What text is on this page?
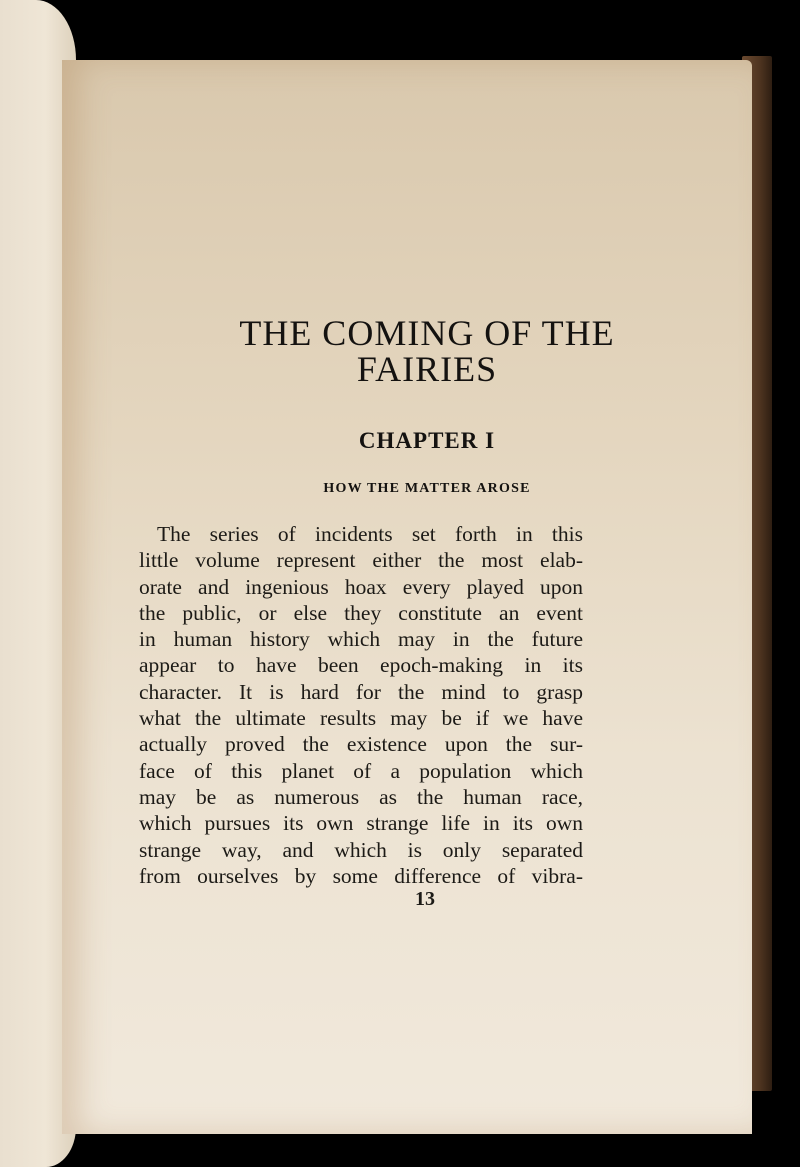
THE COMING OF THE
FAIRIES
CHAPTER I
HOW THE MATTER AROSE
The series of incidents set forth in this
little volume represent either the most elab-
orate and ingenious hoax every played upon
the public, or else they constitute an event
in human history which may in the future
appear to have been epoch-making in its
character. It is hard for the mind to grasp
what the ultimate results may be if we have
actually proved the existence upon the sur-
face of this planet of a population which
may be as numerous as the human race,
which pursues its own strange life in its own
strange way, and which is only separated
from ourselves by some difference of vibra-
13
